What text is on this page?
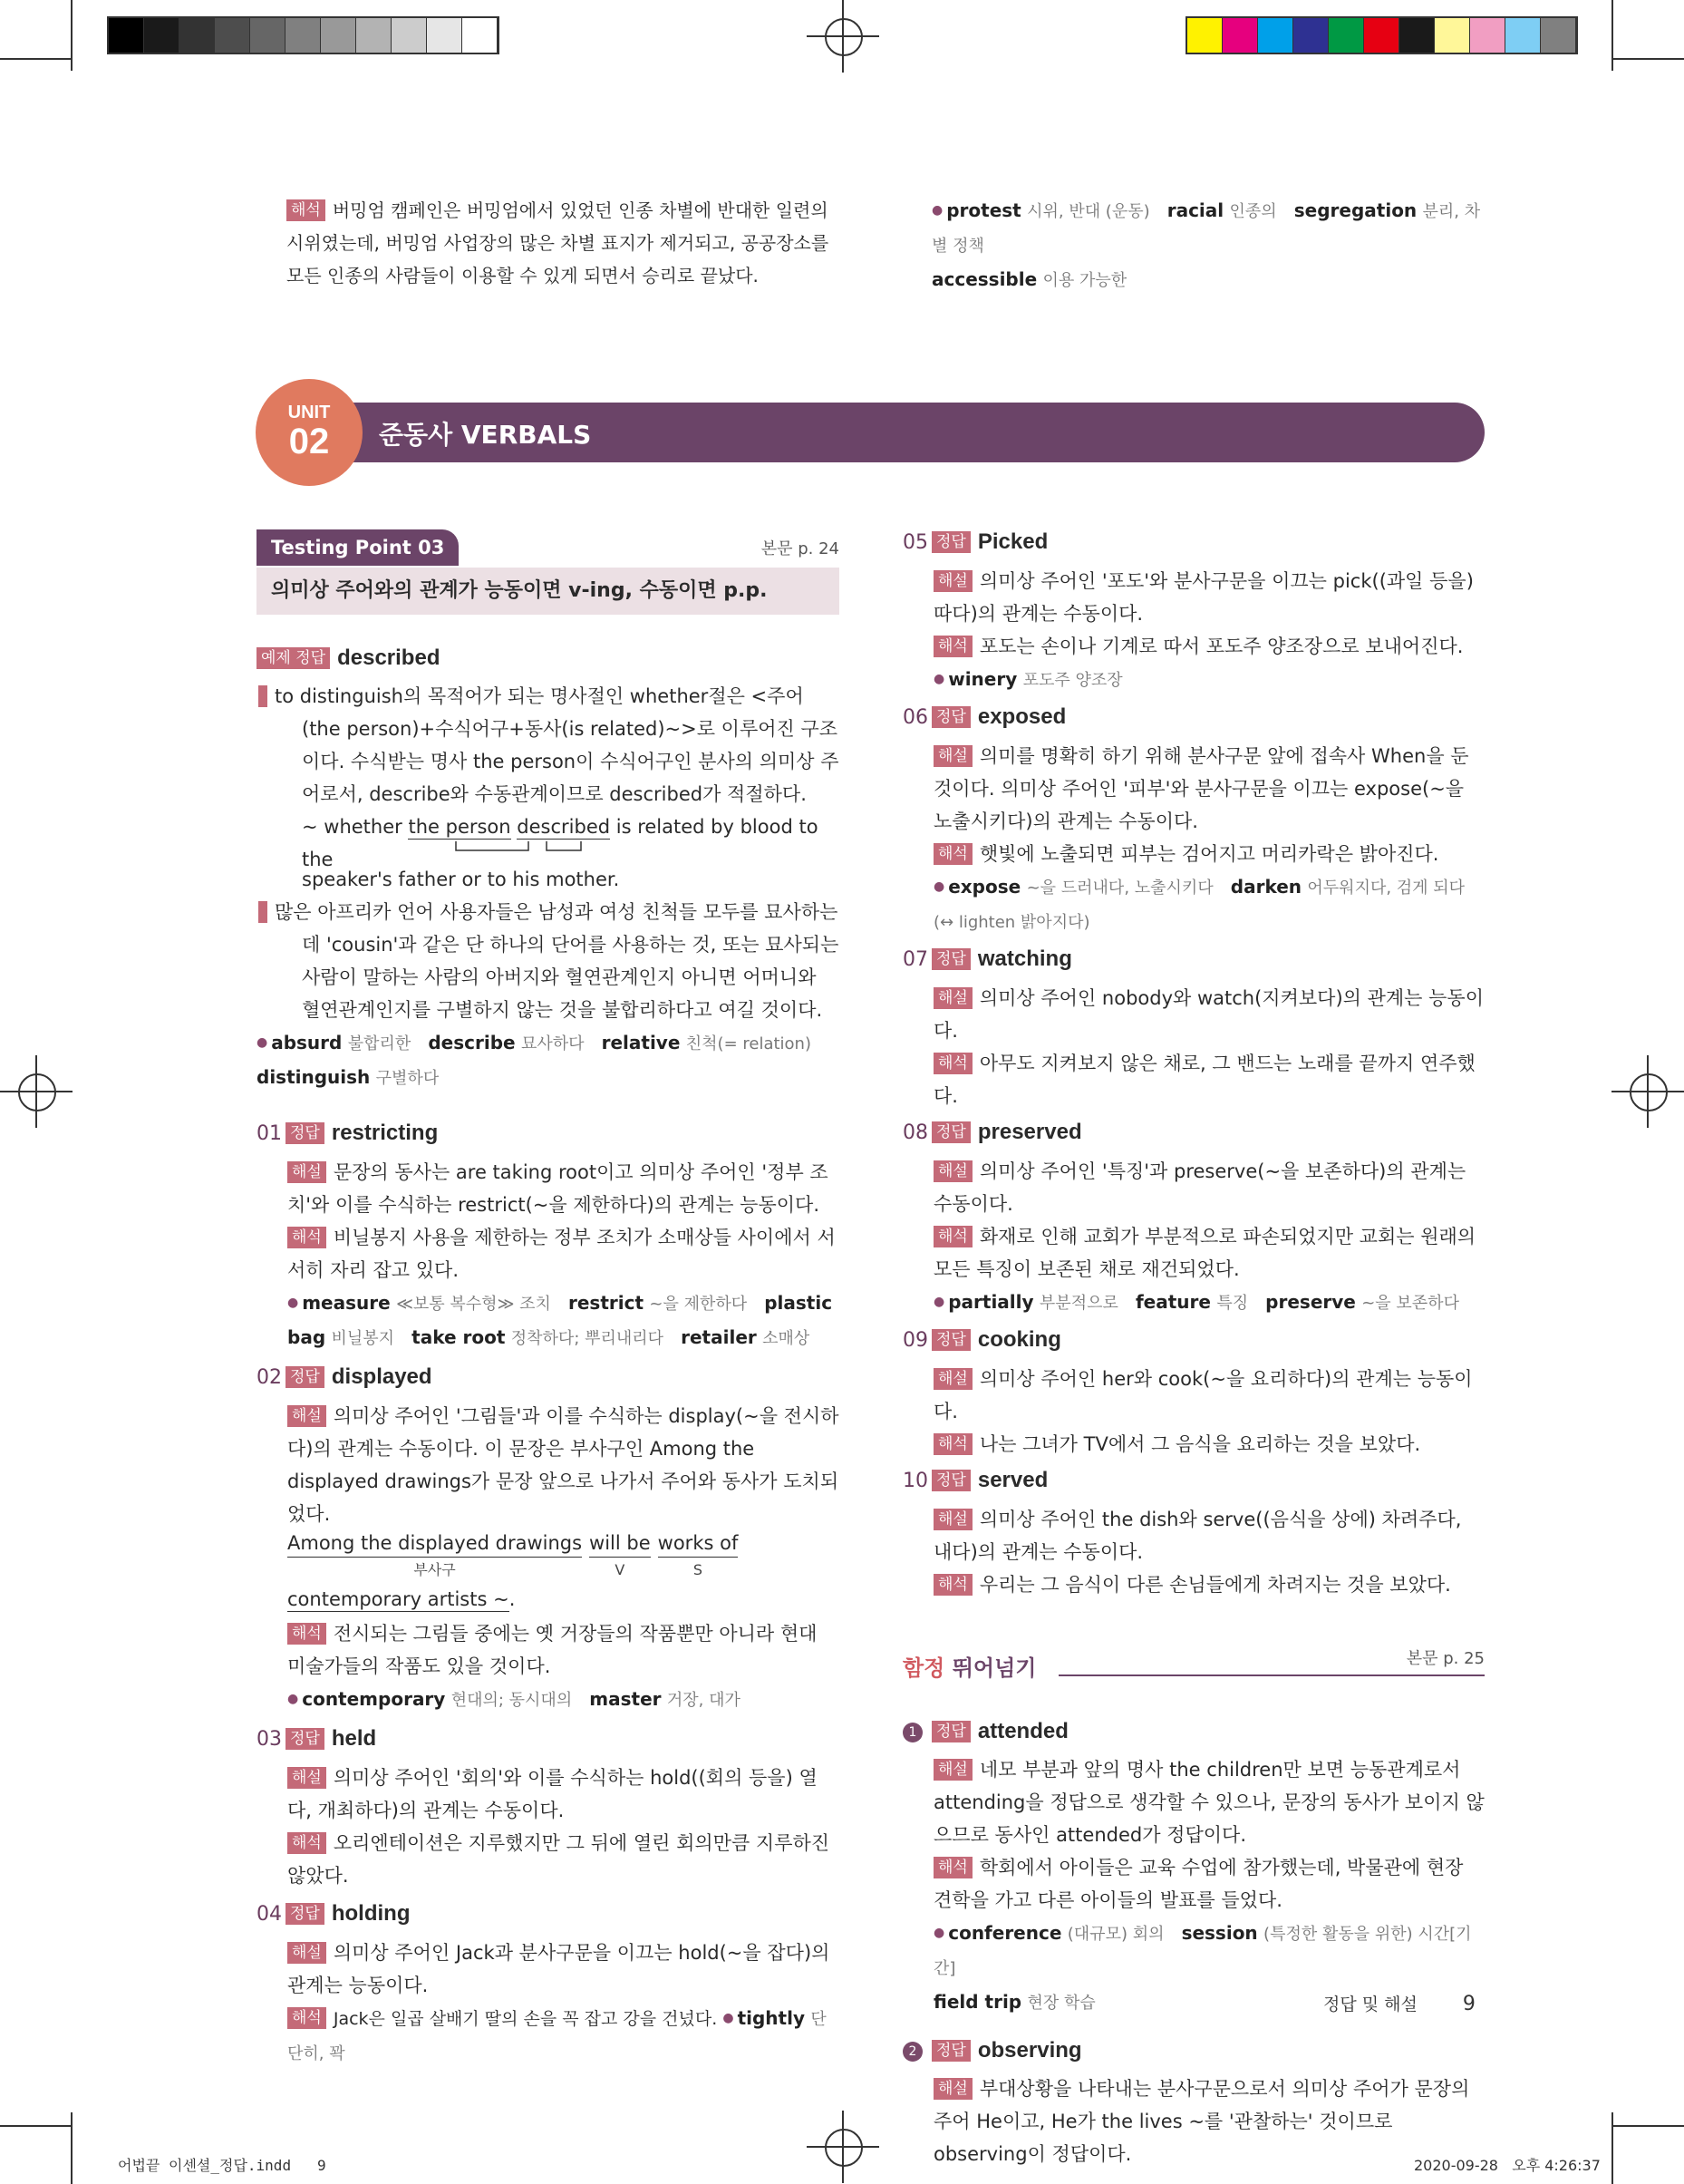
해석 버밍엄 캠페인은 버밍엄에서 있었던 인종 차별에 반대한 일련의 시위였는데, 버밍엄 사업장의 많은 차별 표지가 제거되고, 공공장소를 모든 인종의 사람들이 이용할 수 있게 되면서 승리로 끝났다.
● protest 시위, 반대 (운동) racial 인종의 segregation 분리, 차별 정책
accessible 이용 가능한
준동사 VERBALS
UNIT
02
Testing Point 03	본문 p. 24
의미상 주어와의 관계가 능동이면 v-ing, 수동이면 p.p.
예제 정답 described
해설 to distinguish의 목적어가 되는 명사절인 whether절은 <주어(the person)+수식어구+동사(is related)~>로 이루어진 구조이다. 수식받는 명사 the person이 수식어구인 분사의 의미상 주어로서, describe와 수동관계이므로 described가 적절하다.
~ whether the person described is related by blood to the
speaker's father or to his mother.
해석 많은 아프리카 언어 사용자들은 남성과 여성 친척들 모두를 묘사하는 데 'cousin'과 같은 단 하나의 단어를 사용하는 것, 또는 묘사되는 사람이 말하는 사람의 아버지와 혈연관계인지 아니면 어머니와 혈연관계인지를 구별하지 않는 것을 불합리하다고 여길 것이다.
● absurd 불합리한 describe 묘사하다 relative 친척(= relation)
distinguish 구별하다
01 정답 restricting
해설 문장의 동사는 are taking root이고 의미상 주어인 '정부 조치'와 이를 수식하는 restrict(~을 제한하다)의 관계는 능동이다.
해석 비닐봉지 사용을 제한하는 정부 조치가 소매상들 사이에서 서서히 자리 잡고 있다.
● measure ≪보통 복수형≫ 조치 restrict ~을 제한하다 plastic bag 비닐봉지 take root 정착하다; 뿌리내리다 retailer 소매상
02 정답 displayed
해설 의미상 주어인 '그림들'과 이를 수식하는 display(~을 전시하다)의 관계는 수동이다. 이 문장은 부사구인 Among the displayed drawings가 문장 앞으로 나가서 주어와 동사가 도치되었다.
Among the displayed drawings
부사구
will be
V
works of
S
contemporary artists ~.
해석 전시되는 그림들 중에는 옛 거장들의 작품뿐만 아니라 현대 미술가들의 작품도 있을 것이다.
● contemporary 현대의; 동시대의 master 거장, 대가
03 정답 held
해설 의미상 주어인 '회의'와 이를 수식하는 hold((회의 등을) 열다, 개최하다)의 관계는 수동이다.
해석 오리엔테이션은 지루했지만 그 뒤에 열린 회의만큼 지루하진 않았다.
04 정답 holding
해설 의미상 주어인 Jack과 분사구문을 이끄는 hold(~을 잡다)의 관계는 능동이다.
해석 Jack은 일곱 살배기 딸의 손을 꼭 잡고 강을 건넜다. ● tightly 단단히, 꽉
05 정답 Picked
해설 의미상 주어인 '포도'와 분사구문을 이끄는 pick((과일 등을) 따다)의 관계는 수동이다.
해석 포도는 손이나 기계로 따서 포도주 양조장으로 보내어진다.
● winery 포도주 양조장
06 정답 exposed
해설 의미를 명확히 하기 위해 분사구문 앞에 접속사 When을 둔 것이다. 의미상 주어인 '피부'와 분사구문을 이끄는 expose(~을 노출시키다)의 관계는 수동이다.
해석 햇빛에 노출되면 피부는 검어지고 머리카락은 밝아진다.
● expose ~을 드러내다, 노출시키다 darken 어두워지다, 검게 되다 (↔ lighten 밝아지다)
07 정답 watching
해설 의미상 주어인 nobody와 watch(지켜보다)의 관계는 능동이다.
해석 아무도 지켜보지 않은 채로, 그 밴드는 노래를 끝까지 연주했다.
08 정답 preserved
해설 의미상 주어인 '특징'과 preserve(~을 보존하다)의 관계는 수동이다.
해석 화재로 인해 교회가 부분적으로 파손되었지만 교회는 원래의 모든 특징이 보존된 채로 재건되었다.
● partially 부분적으로 feature 특징 preserve ~을 보존하다
09 정답 cooking
해설 의미상 주어인 her와 cook(~을 요리하다)의 관계는 능동이다.
해석 나는 그녀가 TV에서 그 음식을 요리하는 것을 보았다.
10 정답 served
해설 의미상 주어인 the dish와 serve((음식을 상에) 차려주다, 내다)의 관계는 수동이다.
해석 우리는 그 음식이 다른 손님들에게 차려지는 것을 보았다.
함정 뛰어넘기	본문 p. 25
1 정답 attended
해설 네모 부분과 앞의 명사 the children만 보면 능동관계로서 attending을 정답으로 생각할 수 있으나, 문장의 동사가 보이지 않으므로 동사인 attended가 정답이다.
해석 학회에서 아이들은 교육 수업에 참가했는데, 박물관에 현장 견학을 가고 다른 아이들의 발표를 들었다.
● conference (대규모) 회의 session (특정한 활동을 위한) 시간[기간]
field trip 현장 학습
2 정답 observing
해설 부대상황을 나타내는 분사구문으로서 의미상 주어가 문장의 주어 He이고, He가 the lives ~를 '관찰하는' 것이므로 observing이 정답이다.
정답 및 해설 9
어법끝 이센셜_정답.indd   9	2020-09-28   오후 4:26:37
